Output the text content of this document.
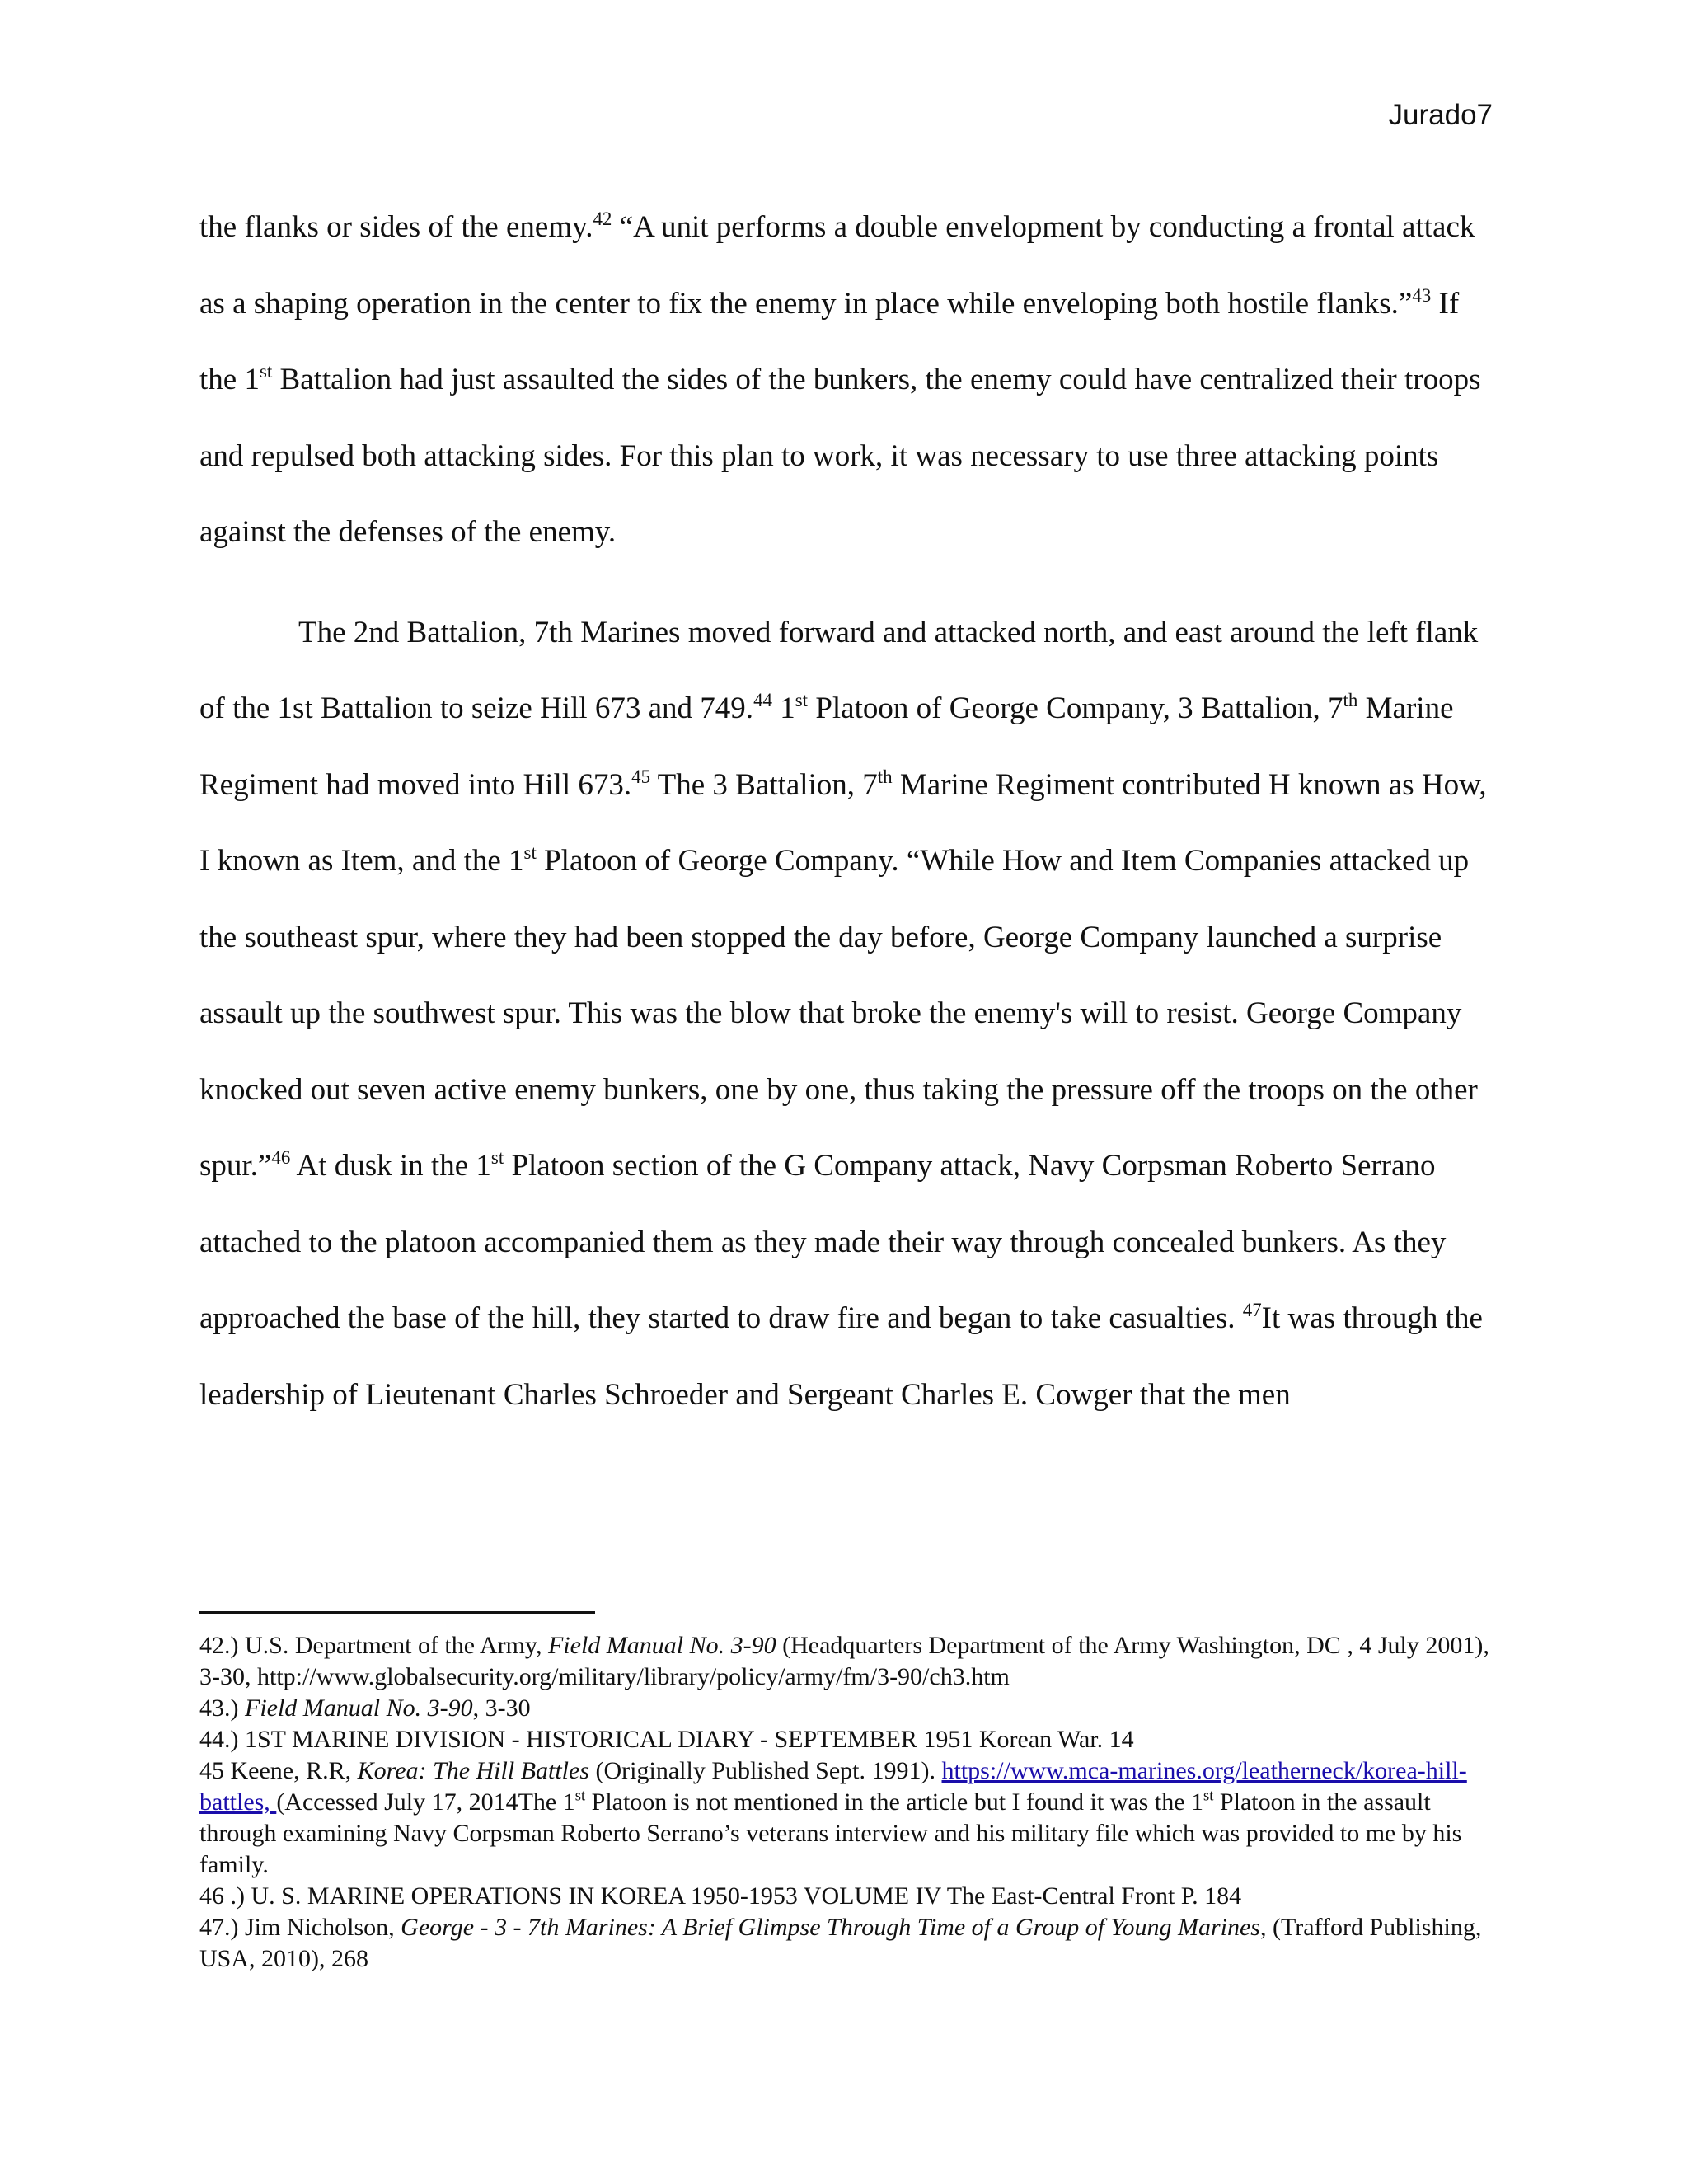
Jurado7

the flanks or sides of the enemy.$^{42}$ “A unit performs a double envelopment by conducting a frontal attack as a shaping operation in the center to fix the enemy in place while enveloping both hostile flanks.”$^{43}$ If the 1st Battalion had just assaulted the sides of the bunkers, the enemy could have centralized their troops and repulsed both attacking sides. For this plan to work, it was necessary to use three attacking points against the defenses of the enemy.

The 2nd Battalion, 7th Marines moved forward and attacked north, and east around the left flank of the 1st Battalion to seize Hill 673 and 749.44 1st Platoon of George Company, 3 Battalion, 7th Marine Regiment had moved into Hill 673.45 The 3 Battalion, 7th Marine Regiment contributed H known as How, I known as Item, and the 1st Platoon of George Company. “While How and Item Companies attacked up the southeast spur, where they had been stopped the day before, George Company launched a surprise assault up the southwest spur. This was the blow that broke the enemy's will to resist. George Company knocked out seven active enemy bunkers, one by one, thus taking the pressure off the troops on the other spur.”$^{46}$ At dusk in the 1st Platoon section of the G Company attack, Navy Corpsman Roberto Serrano attached to the platoon accompanied them as they made their way through concealed bunkers. As they approached the base of the hill, they started to draw fire and began to take casualties. $^{47}$It was through the leadership of Lieutenant Charles Schroeder and Sergeant Charles E. Cowger that the men

42.) U.S. Department of the Army, Field Manual No. 3-90 (Headquarters Department of the Army Washington, DC , 4 July 2001), 3-30, http://www.globalsecurity.org/military/library/policy/army/fm/3-90/ch3.htm

43.) Field Manual No. 3-90, 3-30

44.) 1ST MARINE DIVISION - HISTORICAL DIARY - SEPTEMBER 1951 Korean War. 14

45 Keene, R.R, Korea: The Hill Battles (Originally Published Sept. 1991). https://www.mca-marines.org/leatherneck/korea-hill-battles, (Accessed July 17, 2014The 1st Platoon is not mentioned in the article but I found it was the 1st Platoon in the assault through examining Navy Corpsman Roberto Serrano’s veterans interview and his military file which was provided to me by his family.

46 .) U. S. MARINE OPERATIONS IN KOREA 1950-1953 VOLUME IV The East-Central Front P. 184

47.) Jim Nicholson, George - 3 - 7th Marines: A Brief Glimpse Through Time of a Group of Young Marines, (Trafford Publishing, USA, 2010), 268
